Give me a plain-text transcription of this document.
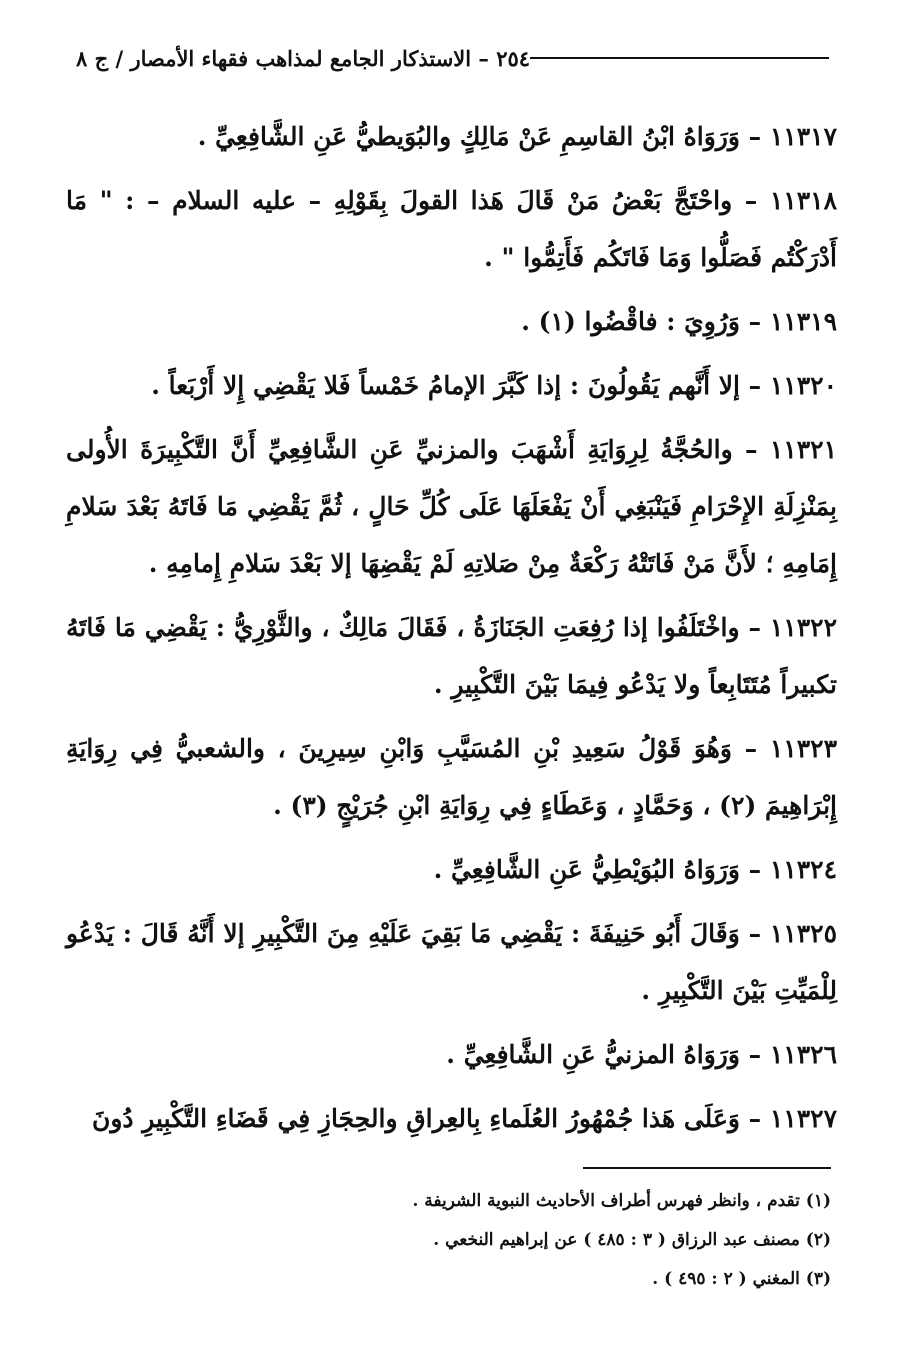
٢٥٤ – الاستذكار الجامع لمذاهب فقهاء الأمصار / ج ٨

١١٣١٧ – وَرَوَاهُ ابْنُ القاسِمِ عَنْ مَالِكٍ والبُوَيطيُّ عَنِ الشَّافِعِيِّ .

١١٣١٨ – واحْتَجَّ بَعْضُ مَنْ قَالَ هَذا القولَ بِقَوْلِهِ – عليه السلام – : " مَا أَدْرَكْتُم فَصَلُّوا وَمَا فَاتَكُم فَأَتِمُّوا " .

١١٣١٩ – وَرُوِيَ : فاقْضُوا (١) .

١١٣٢٠ – إلا أَنَّهم يَقُولُونَ : إذا كَبَّرَ الإمامُ خَمْساً فَلا يَقْضِي إِلا أَرْبَعاً .

١١٣٢١ – والحُجَّةُ لِرِوَايَةِ أَشْهَبَ والمزنيِّ عَنِ الشَّافِعِيِّ أَنَّ التَّكْبِيرَةَ الأُولى بِمَنْزِلَةِ الإِحْرَامِ فَيَنْبَغِي أَنْ يَفْعَلَهَا عَلَى كُلِّ حَالٍ ، ثُمَّ يَقْضِي مَا فَاتَهُ بَعْدَ سَلامِ إِمَامِهِ ؛ لأَنَّ مَنْ فَاتَتْهُ رَكْعَةٌ مِنْ صَلاتِهِ لَمْ يَقْضِهَا إلا بَعْدَ سَلامِ إِمامِهِ .

١١٣٢٢ – واخْتَلَفُوا إذا رُفِعَتِ الجَنَازَةُ ، فَقَالَ مَالِكٌ ، والثَّوْرِيُّ : يَقْضِي مَا فَاتَهُ تكبيراً مُتَتَابِعاً ولا يَدْعُو فِيمَا بَيْنَ التَّكْبِيرِ .

١١٣٢٣ – وَهُوَ قَوْلُ سَعِيدِ بْنِ المُسَيَّبِ وَابْنِ سِيرِينَ ، والشعبيُّ فِي رِوَايَةِ إِبْرَاهِيمَ (٢) ، وَحَمَّادٍ ، وَعَطَاءٍ فِي رِوَايَةِ ابْنِ جُرَيْجٍ (٣) .

١١٣٢٤ – وَرَوَاهُ البُوَيْطِيُّ عَنِ الشَّافِعِيِّ .

١١٣٢٥ – وَقَالَ أَبُو حَنِيفَةَ : يَقْضِي مَا بَقِيَ عَلَيْهِ مِنَ التَّكْبِيرِ إلا أَنَّهُ قَالَ : يَدْعُو لِلْمَيِّتِ بَيْنَ التَّكْبِيرِ .

١١٣٢٦ – وَرَوَاهُ المزنيُّ عَنِ الشَّافِعِيِّ .

١١٣٢٧ – وَعَلَى هَذا جُمْهُورُ العُلَماءِ بِالعِراقِ والحِجَازِ فِي قَضَاءِ التَّكْبِيرِ دُونَ

(١) تقدم ، وانظر فهرس أطراف الأحاديث النبوية الشريفة .
(٢) مصنف عبد الرزاق ( ٣ : ٤٨٥ ) عن إبراهيم النخعي .
(٣) المغني ( ٢ : ٤٩٥ ) .
